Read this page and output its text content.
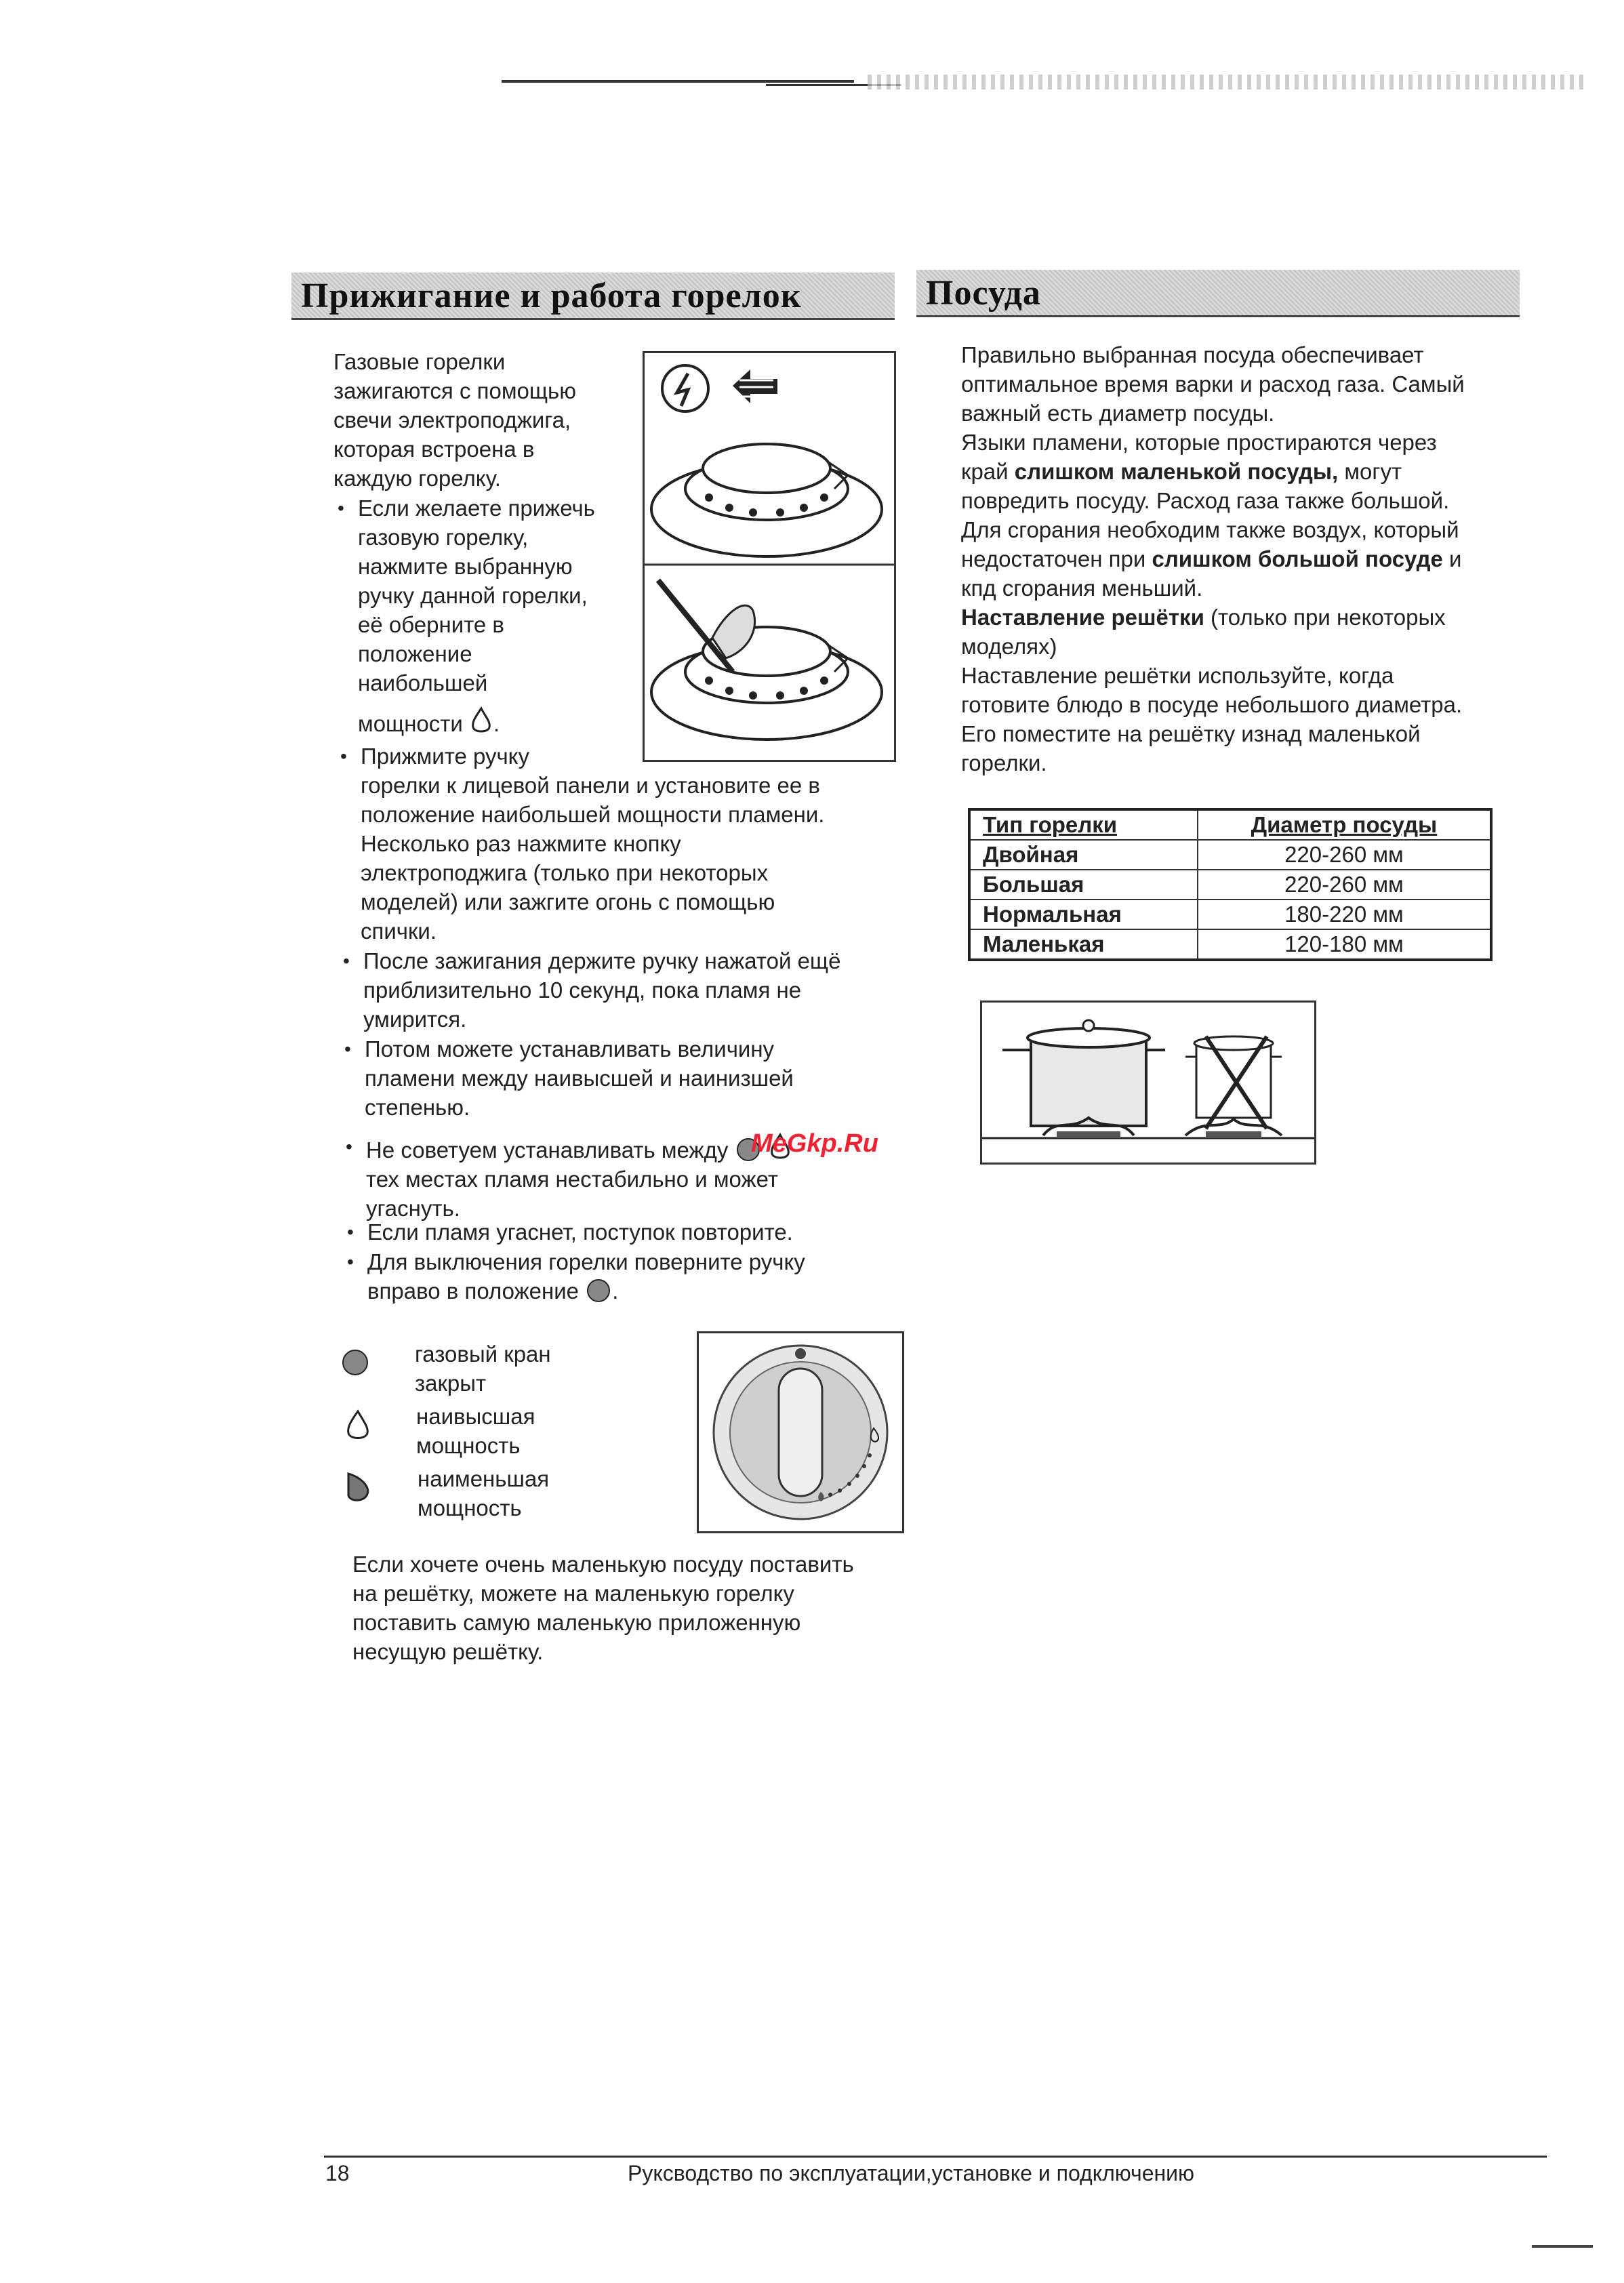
Прижигание и работа горелок	Посуда

Газовые горелки

зажигаются с помощью

свечи электроподжига,

которая встроена в

каждую горелку.

• Если желаете прижечь

газовую горелку,

нажмите выбранную

ручку данной горелки,

её оберните в

положение

наибольшей

мощности .

• Прижмите ручку

горелки к лицевой панели и установите ее в

положение наибольшей мощности пламени.

Несколько раз нажмите кнопку

электроподжига (только при некоторых

моделей) или зажгите огонь с помощью

спички.

• После зажигания держите ручку нажатой ещё

приблизительно 10 секунд, пока пламя не

умирится.

• Потом можете устанавливать величину

пламени между наивысшей и наинизшей

степенью.

• Не советуем устанавливать между

тех местах пламя нестабильно и может

угаснуть.

MeGkp.Ru
• Если пламя угаснет, поступок повторите.

• Для выключения горелки поверните ручку

вправо в положение .

газовый кран

закрыт

наивысшая

мощность

наименьшая

мощность

Если хочете очень маленькую посуду поставить

на решётку, можете на маленькую горелку

поставить самую маленькую приложенную

несущую решётку.

Правильно выбранная посуда обеспечивает

оптимальное время варки и расход газа. Самый

важный есть диаметр посуды.

Языки пламени, которые простираются через

край слишком маленькой посуды, могут

повредить посуду. Расход газа также большой.

Для сгорания необходим также воздух, который

недостаточен при слишком большой посуде и

кпд сгорания меньший.

Наставление решётки (только при некоторых

моделях)

Наставление решётки используйте, когда

готовите блюдо в посуде небольшого диаметра.

Его поместите на решётку изнад маленькой

горелки.

Тип горелки	Диаметр посуды
Двойная	220-260 мм
Большая	220-260 мм
Нормальная	180-220 мм
Маленькая	120-180 мм
18	Руксводство по эксплуатации,установке и подключению
